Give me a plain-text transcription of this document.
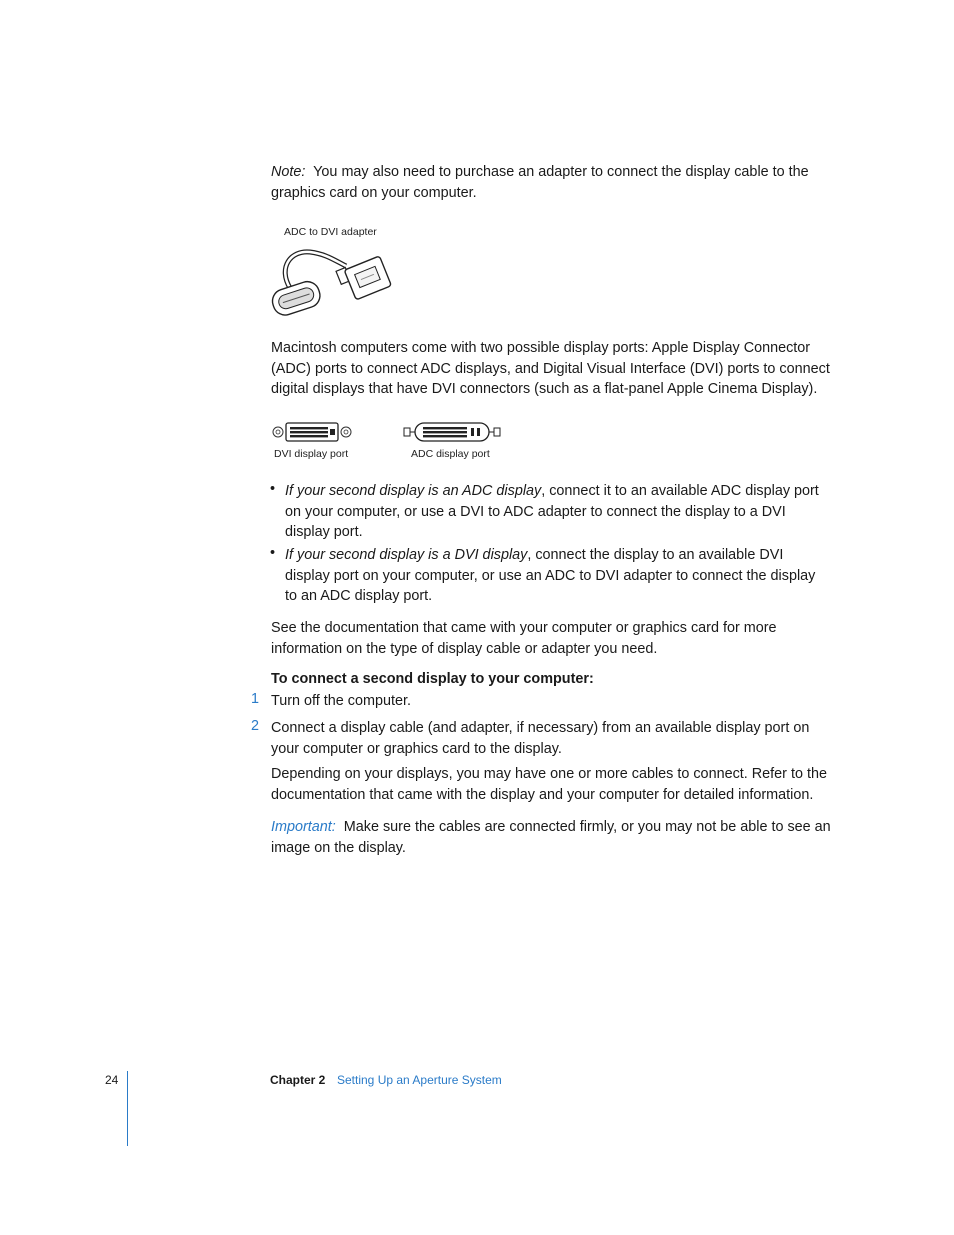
Note: You may also need to purchase an adapter to connect the display cable to the graphics card on your computer.

ADC to DVI adapter

Macintosh computers come with two possible display ports: Apple Display Connector (ADC) ports to connect ADC displays, and Digital Visual Interface (DVI) ports to connect digital displays that have DVI connectors (such as a flat-panel Apple Cinema Display).

DVI display port	ADC display port
• If your second display is an ADC display, connect it to an available ADC display port on your computer, or use a DVI to ADC adapter to connect the display to a DVI display port.

• If your second display is a DVI display, connect the display to an available DVI display port on your computer, or use an ADC to DVI adapter to connect the display to an ADC display port.

See the documentation that came with your computer or graphics card for more information on the type of display cable or adapter you need.

To connect a second display to your computer:
1 Turn off the computer.

2 Connect a display cable (and adapter, if necessary) from an available display port on your computer or graphics card to the display.

Depending on your displays, you may have one or more cables to connect. Refer to the documentation that came with the display and your computer for detailed information.

Important: Make sure the cables are connected firmly, or you may not be able to see an image on the display.

24	Chapter 2 Setting Up an Aperture System
